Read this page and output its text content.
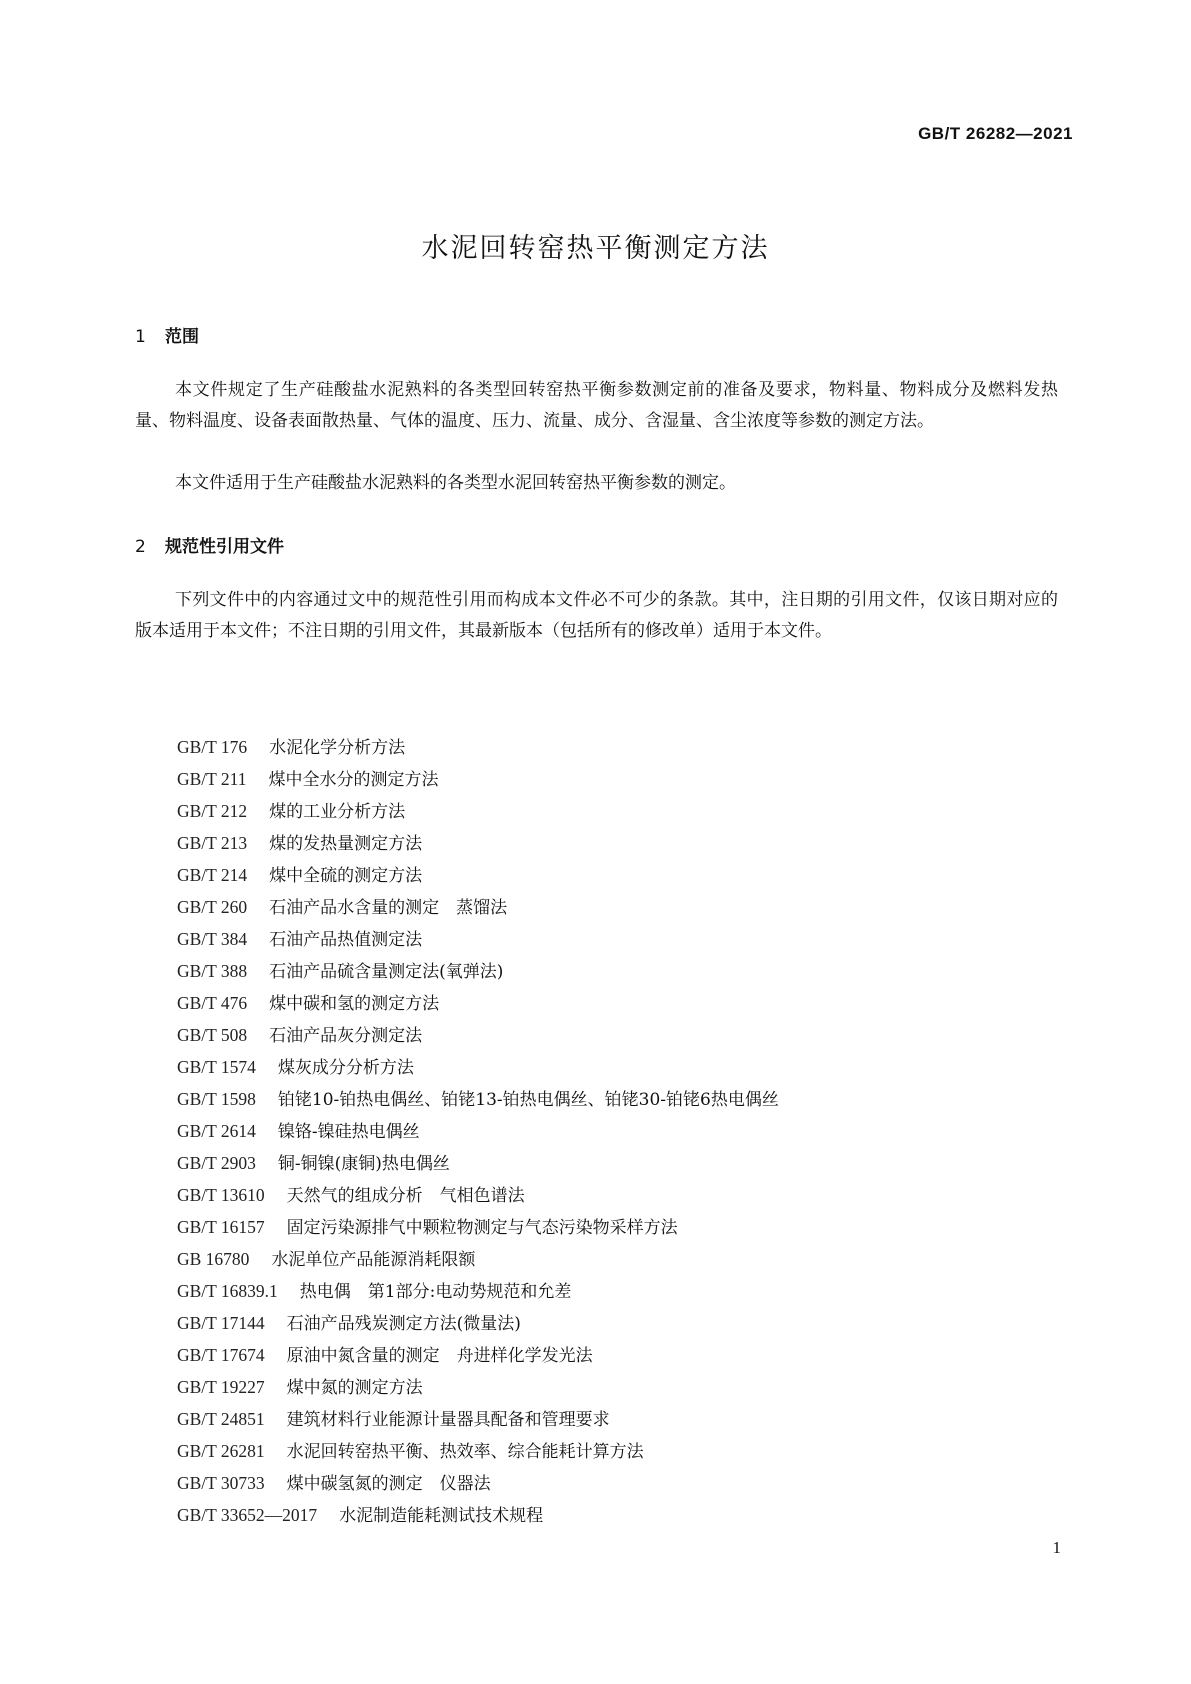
GB/T 26282—2021
水泥回转窑热平衡测定方法
1 范围

本文件规定了生产硅酸盐水泥熟料的各类型回转窑热平衡参数测定前的准备及要求，物料量、物料成分及燃料发热量、物料温度、设备表面散热量、气体的温度、压力、流量、成分、含湿量、含尘浓度等参数的测定方法。

本文件适用于生产硅酸盐水泥熟料的各类型水泥回转窑热平衡参数的测定。

2 规范性引用文件

下列文件中的内容通过文中的规范性引用而构成本文件必不可少的条款。其中，注日期的引用文件，仅该日期对应的版本适用于本文件；不注日期的引用文件，其最新版本（包括所有的修改单）适用于本文件。

GB/T 176 水泥化学分析方法
GB/T 211 煤中全水分的测定方法
GB/T 212 煤的工业分析方法
GB/T 213 煤的发热量测定方法
GB/T 214 煤中全硫的测定方法
GB/T 260 石油产品水含量的测定　蒸馏法
GB/T 384 石油产品热值测定法
GB/T 388 石油产品硫含量测定法(氧弹法)
GB/T 476 煤中碳和氢的测定方法
GB/T 508 石油产品灰分测定法
GB/T 1574 煤灰成分分析方法
GB/T 1598 铂铑10-铂热电偶丝、铂铑13-铂热电偶丝、铂铑30-铂铑6热电偶丝
GB/T 2614 镍铬-镍硅热电偶丝
GB/T 2903 铜-铜镍(康铜)热电偶丝
GB/T 13610 天然气的组成分析　气相色谱法
GB/T 16157 固定污染源排气中颗粒物测定与气态污染物采样方法
GB 16780 水泥单位产品能源消耗限额
GB/T 16839.1 热电偶　第1部分:电动势规范和允差
GB/T 17144 石油产品残炭测定方法(微量法)
GB/T 17674 原油中氮含量的测定　舟进样化学发光法
GB/T 19227 煤中氮的测定方法
GB/T 24851 建筑材料行业能源计量器具配备和管理要求
GB/T 26281 水泥回转窑热平衡、热效率、综合能耗计算方法
GB/T 30733 煤中碳氢氮的测定　仪器法
GB/T 33652—2017 水泥制造能耗测试技术规程
1
